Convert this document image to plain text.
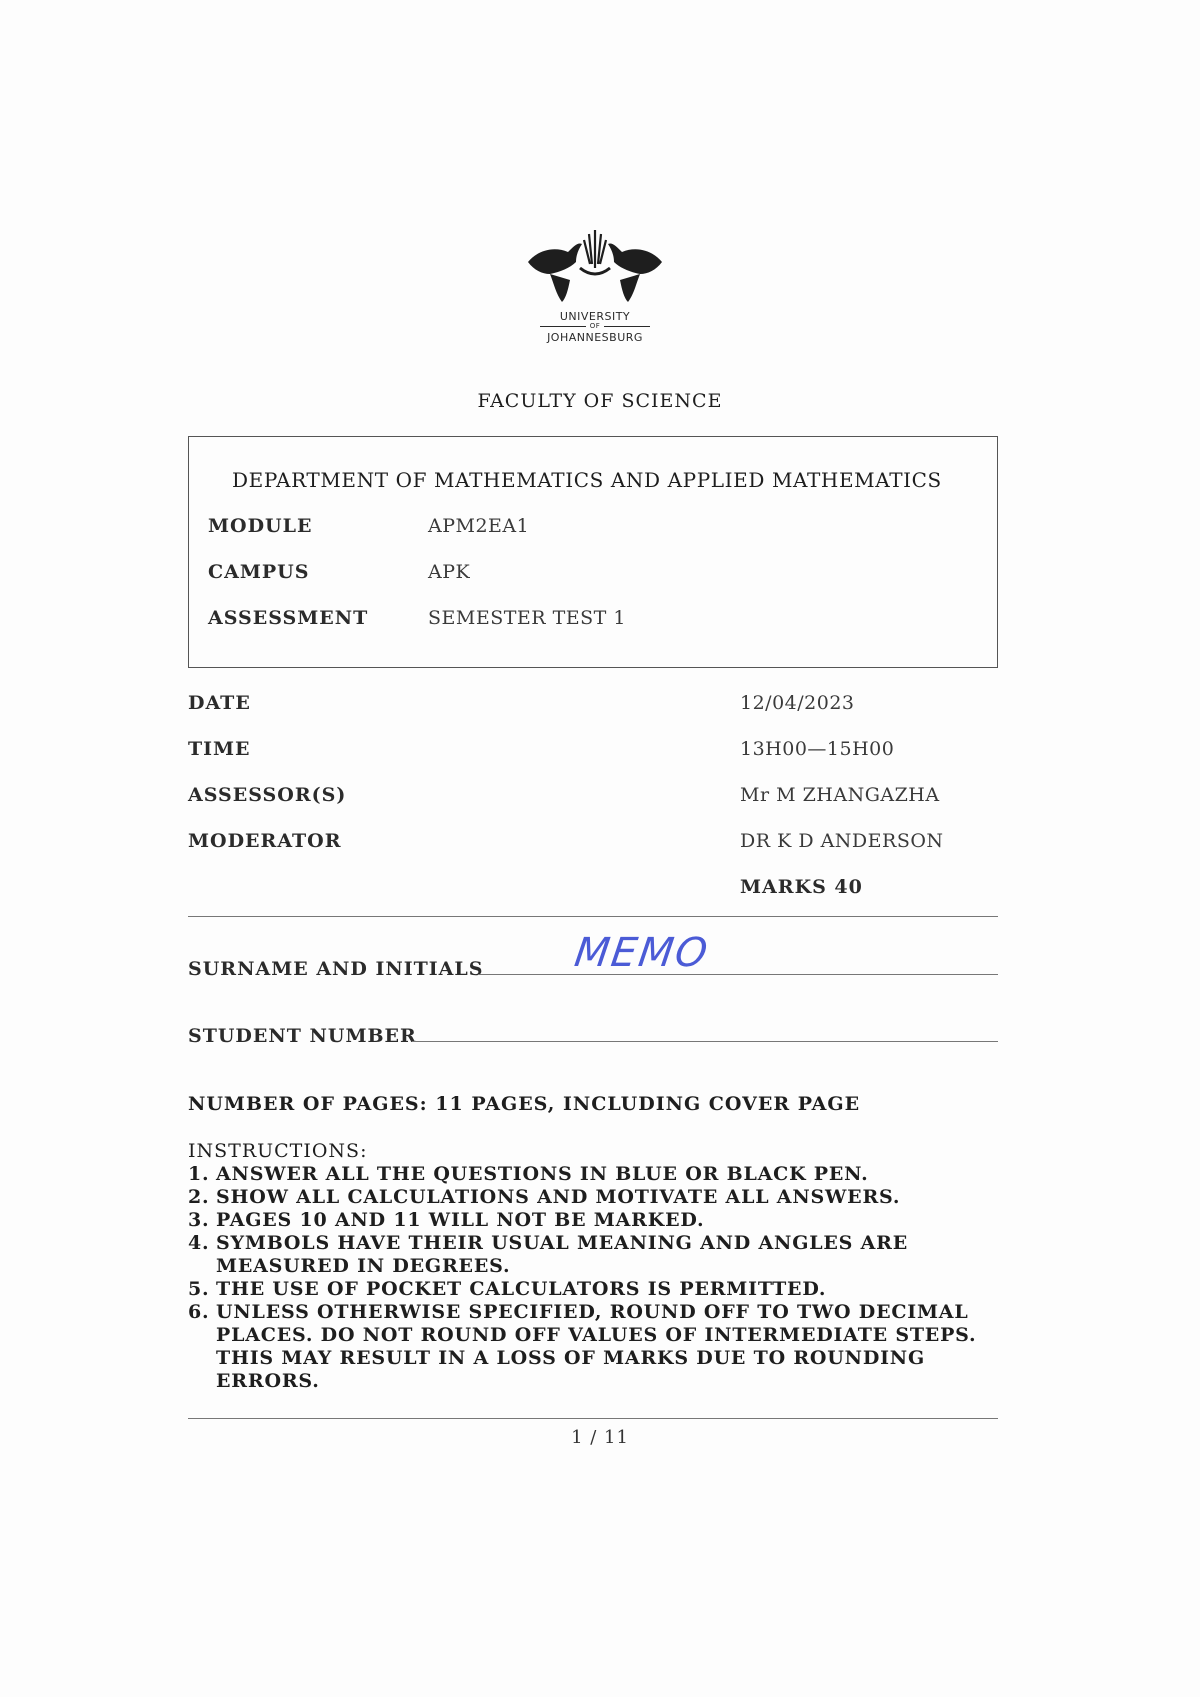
UNIVERSITY
OF
JOHANNESBURG
FACULTY OF SCIENCE
DEPARTMENT OF MATHEMATICS AND APPLIED MATHEMATICS
MODULE	APM2EA1
CAMPUS	APK
ASSESSMENT	SEMESTER TEST 1
DATE	12/04/2023
TIME	13H00—15H00
ASSESSOR(S)	Mr M ZHANGAZHA
MODERATOR	DR K D ANDERSON
MARKS 40
SURNAME AND INITIALS MEMO
STUDENT NUMBER
NUMBER OF PAGES: 11 PAGES, INCLUDING COVER PAGE
INSTRUCTIONS:
1. ANSWER ALL THE QUESTIONS IN BLUE OR BLACK PEN.
2. SHOW ALL CALCULATIONS AND MOTIVATE ALL ANSWERS.
3. PAGES 10 AND 11 WILL NOT BE MARKED.
4. SYMBOLS HAVE THEIR USUAL MEANING AND ANGLES ARE MEASURED IN DEGREES.
5. THE USE OF POCKET CALCULATORS IS PERMITTED.
6. UNLESS OTHERWISE SPECIFIED, ROUND OFF TO TWO DECIMAL PLACES. DO NOT ROUND OFF VALUES OF INTERMEDIATE STEPS. THIS MAY RESULT IN A LOSS OF MARKS DUE TO ROUNDING ERRORS.
1 / 11
